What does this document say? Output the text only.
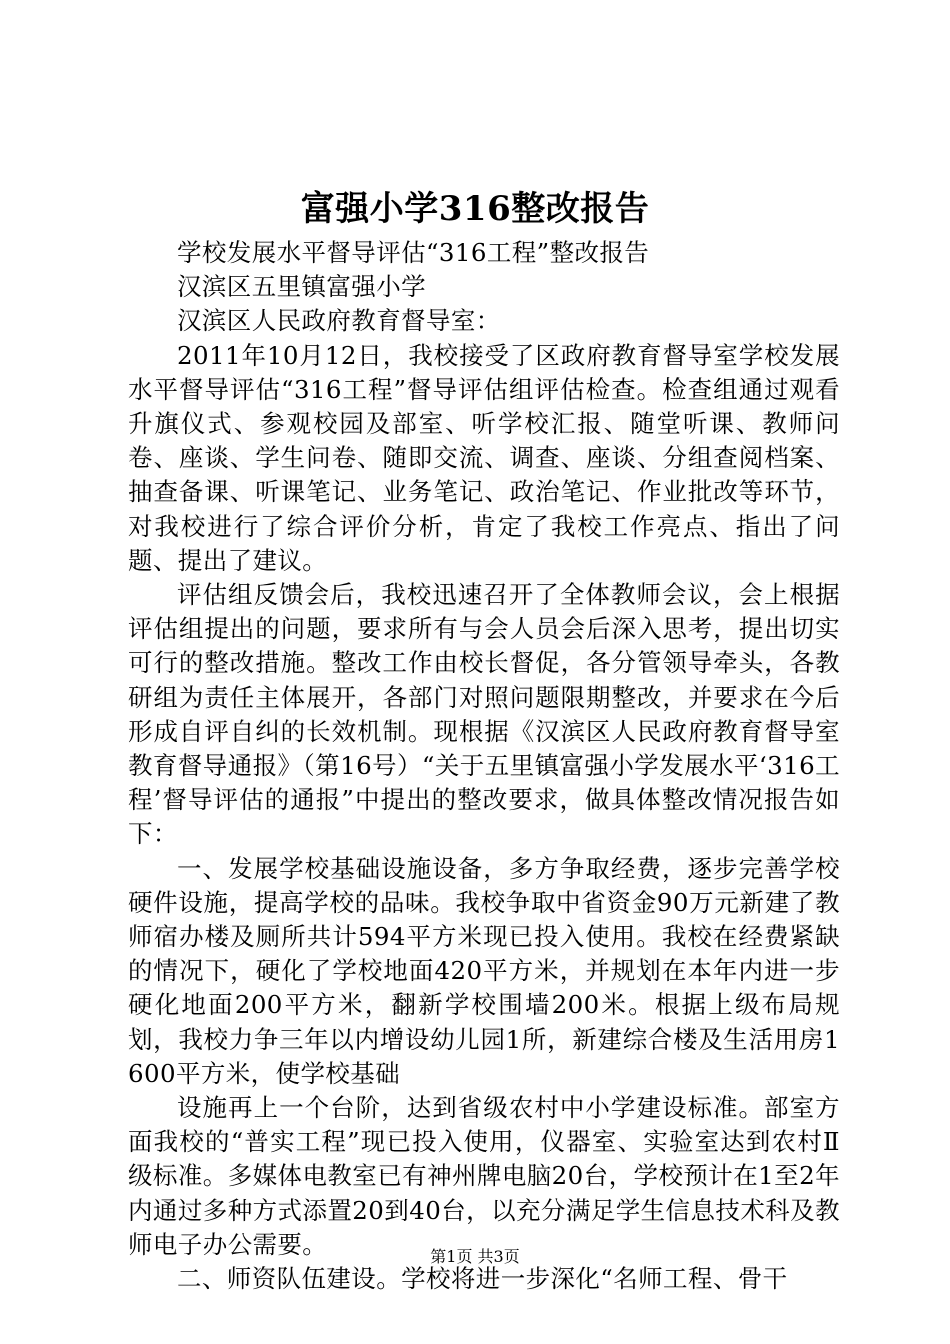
富强小学316整改报告

学校发展水平督导评估“316工程”整改报告

汉滨区五里镇富强小学

汉滨区人民政府教育督导室：

2011年10月12日，我校接受了区政府教育督导室学校发展水平督导评估“316工程”督导评估组评估检查。检查组通过观看升旗仪式、参观校园及部室、听学校汇报、随堂听课、教师问卷、座谈、学生问卷、随即交流、调查、座谈、分组查阅档案、抽查备课、听课笔记、业务笔记、政治笔记、作业批改等环节，对我校进行了综合评价分析，肯定了我校工作亮点、指出了问题、提出了建议。

评估组反馈会后，我校迅速召开了全体教师会议，会上根据评估组提出的问题，要求所有与会人员会后深入思考，提出切实可行的整改措施。整改工作由校长督促，各分管领导牵头，各教研组为责任主体展开，各部门对照问题限期整改，并要求在今后形成自评自纠的长效机制。现根据《汉滨区人民政府教育督导室教育督导通报》（第16号）“关于五里镇富强小学发展水平‘316工程’督导评估的通报”中提出的整改要求，做具体整改情况报告如下：

一、发展学校基础设施设备，多方争取经费，逐步完善学校硬件设施，提高学校的品味。我校争取中省资金90万元新建了教师宿办楼及厕所共计594平方米现已投入使用。我校在经费紧缺的情况下，硬化了学校地面420平方米，并规划在本年内进一步硬化地面200平方米，翻新学校围墙200米。根据上级布局规划，我校力争三年以内增设幼儿园1所，新建综合楼及生活用房1600平方米，使学校基础

设施再上一个台阶，达到省级农村中小学建设标准。部室方面我校的“普实工程”现已投入使用，仪器室、实验室达到农村Ⅱ级标准。多媒体电教室已有神州牌电脑20台，学校预计在1至2年内通过多种方式添置20到40台，以充分满足学生信息技术科及教师电子办公需要。

二、师资队伍建设。学校将进一步深化“名师工程、骨干

第1页 共3页
